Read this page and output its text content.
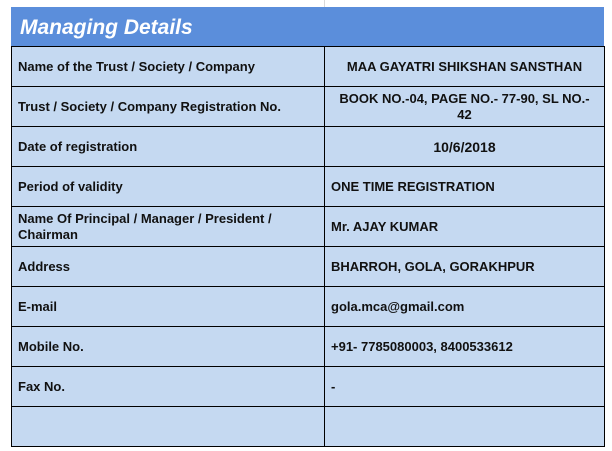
Managing Details
Name of the Trust / Society / Company	MAA GAYATRI SHIKSHAN SANSTHAN
Trust / Society / Company Registration No.	BOOK NO.-04, PAGE NO.- 77-90, SL NO.- 42
Date of registration	10/6/2018
Period of validity	ONE TIME REGISTRATION
Name Of Principal / Manager / President / Chairman	Mr. AJAY KUMAR
Address	BHARROH, GOLA, GORAKHPUR
E-mail	gola.mca@gmail.com
Mobile No.	+91- 7785080003, 8400533612
Fax No.	-
